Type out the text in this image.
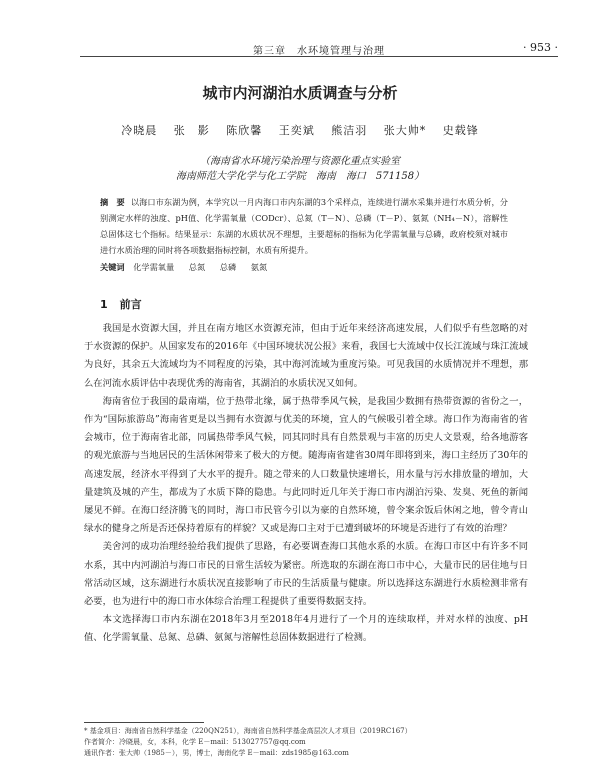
第三章　水环境管理与治理	· 953 ·
城市内河湖泊水质调查与分析
冷晓晨 张　影 陈欣馨 王奕斌 熊洁羽 张大帅* 史载锋
（海南省水环境污染治理与资源化重点实验室
海南师范大学化学与化工学院　海南　海口　571158）
摘　要 以海口市东湖为例，本学究以一月内海口市内东湖的3个采样点，连续进行湖水采集并进行水质分析，分别测定水样的浊度、pH值、化学需氧量（CODcr）、总氮（T－N）、总磷（T－P）、氨氮（NH₄－N），溶解性总固体这七个指标。结果显示：东湖的水质状况不理想，主要超标的指标为化学需氧量与总磷，政府校须对城市进行水质治理的同时将各项数据指标控制，水质有所提升。
关键词 化学需氧量 总氮 总磷 氨氮
1 前言

我国是水资源大国，并且在南方地区水资源充沛，但由于近年来经济高速发展，人们似乎有些忽略的对于水资源的保护。从国家发布的2016年《中国环境状况公报》来看，我国七大流域中仅长江流域与珠江流域为良好，其余五大流域均为不同程度的污染，其中海河流域为重度污染。可见我国的水质情况并不理想，那么在河流水质评估中表现优秀的海南省，其湖泊的水质状况又如何。

海南省位于我国的最南端，位于热带北缘，属于热带季风气候，是我国少数拥有热带资源的省份之一，作为“国际旅游岛”海南省更是以当拥有水资源与优美的环境，宜人的气候吸引着全球。海口作为海南省的省会城市，位于海南省北部，同属热带季风气候，同其同时具有自然景观与丰富的历史人文景观，给各地游客的观光旅游与当地居民的生活休闲带来了极大的方便。随海南省建省30周年即将到来，海口主经历了30年的高速发展，经济水平得到了大水平的提升。随之带来的人口数量快速增长，用水量与污水排放量的增加，大量建筑及城的产生，都成为了水质下降的隐患。与此同时近几年关于海口市内湖泊污染、发臭、死鱼的新闻屡见不鲜。在海口经济腾飞的同时，海口市民管今引以为豪的自然环境，曾令案余饭后休闲之地，曾令青山绿水的健身之所是否还保持着原有的样貌？又或是海口主对于已遭到破坏的环境是否进行了有效的治理？

美舍河的成功治理经验给我们提供了思路，有必要调查海口其他水系的水质。在海口市区中有许多不同水系，其中内河湖泊与海口市民的日常生活较为紧密。所选取的东湖在海口市中心，大量市民的居住地与日常活动区域，这东湖进行水质状况直接影响了市民的生活质量与健康。所以选择这东湖进行水质检测非常有必要，也为进行中的海口市水体综合治理工程提供了重要得数据支持。

本文选择海口市内东湖在2018年3月至2018年4月进行了一个月的连续取样，并对水样的浊度、pH值、化学需氧量、总氮、总磷、氨氮与溶解性总固体数据进行了检测。

* 基金项目：海南省自然科学基金（220QN251），海南省自然科学基金高层次人才项目（2019RC167）
作者简介：冷晓晨，女，本科，化学 E－mail：513027757@qq.com
通讯作者：张大帅（1985－），男，博士，海南化学 E－mail：zds1985@163.com
